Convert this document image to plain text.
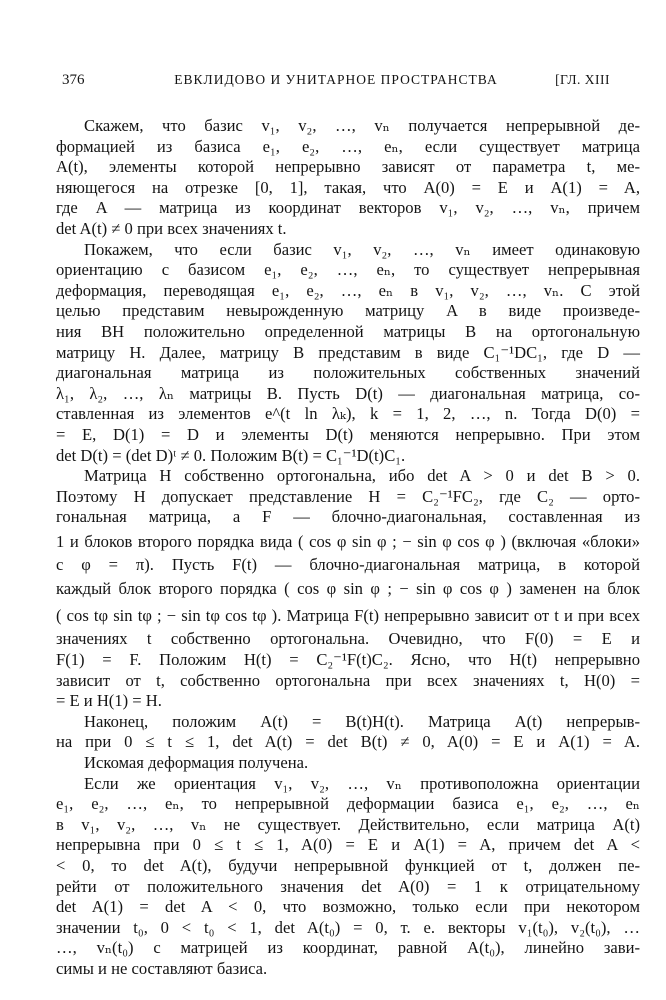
376	ЕВКЛИДОВО И УНИТАРНОЕ ПРОСТРАНСТВА	[ГЛ. XIII
Скажем, что базис v₁, v₂, …, vₙ получается непрерывной де-
формацией из базиса e₁, e₂, …, eₙ, если существует матрица
A(t), элементы которой непрерывно зависят от параметра t, ме-
няющегося на отрезке [0, 1], такая, что A(0) = E и A(1) = A,
где A — матрица из координат векторов v₁, v₂, …, vₙ, причем
det A(t) ≠ 0 при всех значениях t.
Покажем, что если базис v₁, v₂, …, vₙ имеет одинаковую
ориентацию с базисом e₁, e₂, …, eₙ, то существует непрерывная
деформация, переводящая e₁, e₂, …, eₙ в v₁, v₂, …, vₙ. С этой
целью представим невырожденную матрицу A в виде произведе-
ния BH положительно определенной матрицы B на ортогональную
матрицу H. Далее, матрицу B представим в виде C₁⁻¹DC₁, где D —
диагональная матрица из положительных собственных значений
λ₁, λ₂, …, λₙ матрицы B. Пусть D(t) — диагональная матрица, со-
ставленная из элементов e^(t ln λₖ), k = 1, 2, …, n. Тогда D(0) =
= E, D(1) = D и элементы D(t) меняются непрерывно. При этом
det D(t) = (det D)ᵗ ≠ 0. Положим B(t) = C₁⁻¹D(t)C₁.
Матрица H собственно ортогональна, ибо det A > 0 и det B > 0.
Поэтому H допускает представление H = C₂⁻¹FC₂, где C₂ — орто-
гональная матрица, а F — блочно-диагональная, составленная из
1 и блоков второго порядка вида ( cos φ sin φ ; − sin φ cos φ ) (включая «блоки»
с φ = π). Пусть F(t) — блочно-диагональная матрица, в которой
каждый блок второго порядка ( cos φ sin φ ; − sin φ cos φ ) заменен на блок
( cos tφ sin tφ ; − sin tφ cos tφ ). Матрица F(t) непрерывно зависит от t и при всех
значениях t собственно ортогональна. Очевидно, что F(0) = E и
F(1) = F. Положим H(t) = C₂⁻¹F(t)C₂. Ясно, что H(t) непрерывно
зависит от t, собственно ортогональна при всех значениях t, H(0) =
= E и H(1) = H.
Наконец, положим A(t) = B(t)H(t). Матрица A(t) непрерыв-
на при 0 ≤ t ≤ 1, det A(t) = det B(t) ≠ 0, A(0) = E и A(1) = A.
Искомая деформация получена.
Если же ориентация v₁, v₂, …, vₙ противоположна ориентации
e₁, e₂, …, eₙ, то непрерывной деформации базиса e₁, e₂, …, eₙ
в v₁, v₂, …, vₙ не существует. Действительно, если матрица A(t)
непрерывна при 0 ≤ t ≤ 1, A(0) = E и A(1) = A, причем det A <
< 0, то det A(t), будучи непрерывной функцией от t, должен пе-
рейти от положительного значения det A(0) = 1 к отрицательному
det A(1) = det A < 0, что возможно, только если при некотором
значении t₀, 0 < t₀ < 1, det A(t₀) = 0, т. е. векторы v₁(t₀), v₂(t₀), …
…, vₙ(t₀) с матрицей из координат, равной A(t₀), линейно зави-
симы и не составляют базиса.
